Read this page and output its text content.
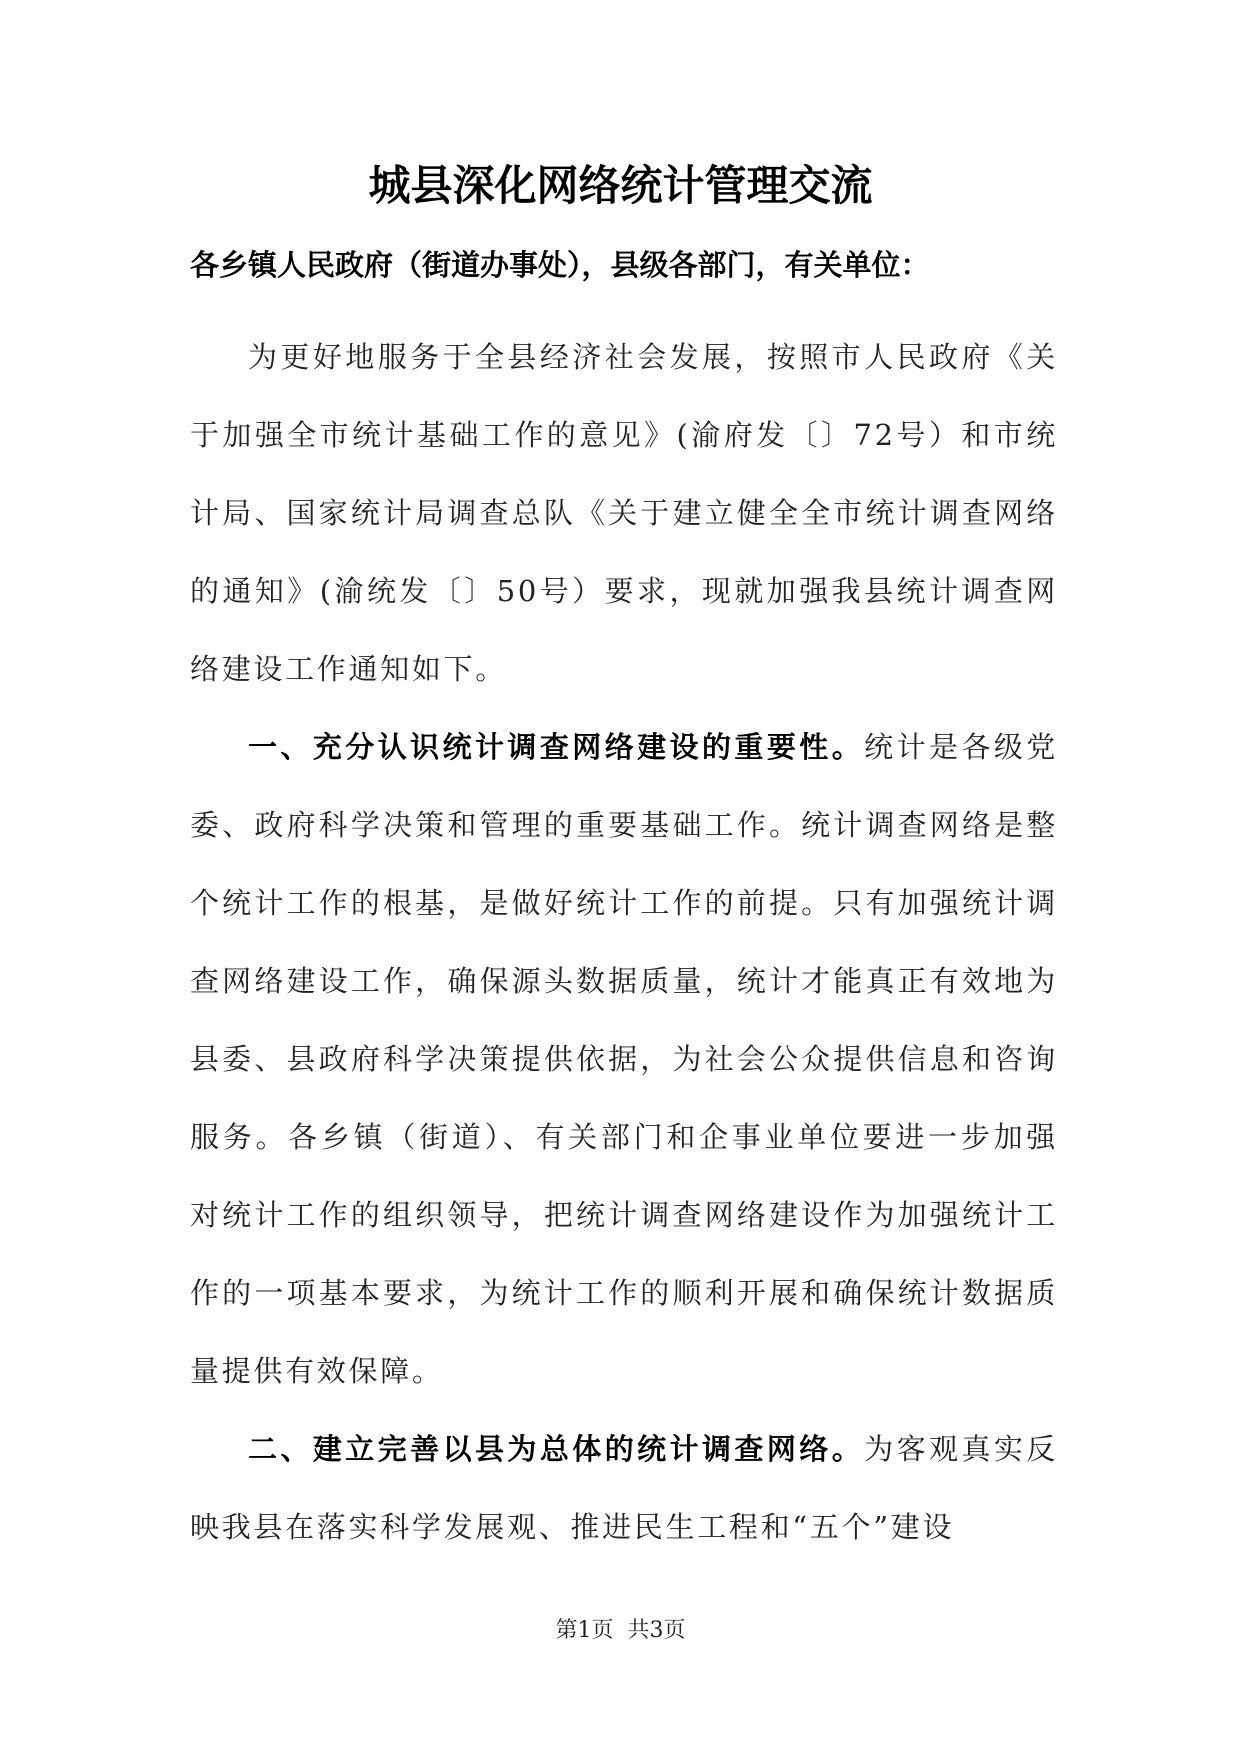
城县深化网络统计管理交流
各乡镇人民政府（街道办事处），县级各部门，有关单位：

为更好地服务于全县经济社会发展，按照市人民政府《关于加强全市统计基础工作的意见》(渝府发〔〕72号）和市统计局、国家统计局调查总队《关于建立健全全市统计调查网络的通知》(渝统发〔〕50号）要求，现就加强我县统计调查网络建设工作通知如下。

一、充分认识统计调查网络建设的重要性。统计是各级党委、政府科学决策和管理的重要基础工作。统计调查网络是整个统计工作的根基，是做好统计工作的前提。只有加强统计调查网络建设工作，确保源头数据质量，统计才能真正有效地为县委、县政府科学决策提供依据，为社会公众提供信息和咨询服务。各乡镇（街道）、有关部门和企事业单位要进一步加强对统计工作的组织领导，把统计调查网络建设作为加强统计工作的一项基本要求，为统计工作的顺利开展和确保统计数据质量提供有效保障。

二、建立完善以县为总体的统计调查网络。为客观真实反映我县在落实科学发展观、推进民生工程和“五个”建设

第1页  共3页
